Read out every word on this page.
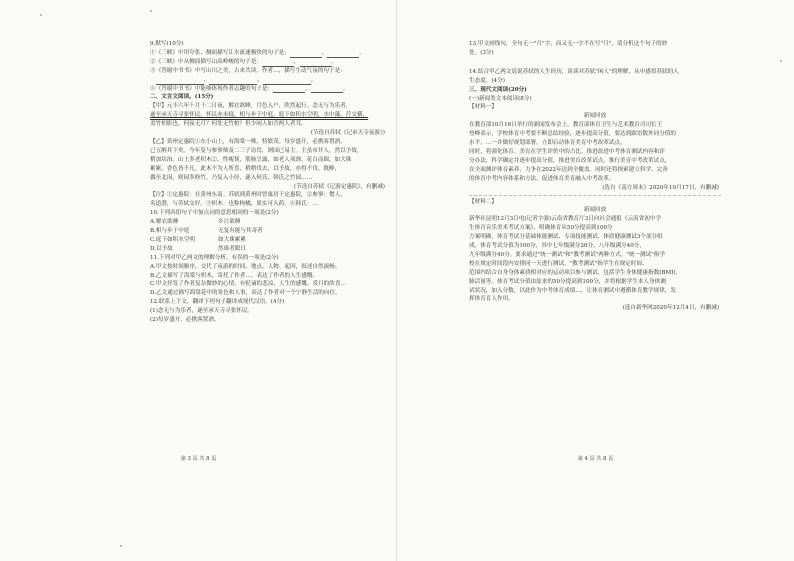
9.默写(10分)
①《三峡》中用夸张、侧面描写江水流速极快的句子是：	，	。
②《三峡》中从侧面描写山高岭峻的句子是：	，	。
③《答谢中书书》中写山川之美，古来共谈，作者…，描写生动气氛的句子是：
　，	，	。
④《答谢中书书》中能够体现作者志趣的句子是：	，	。
二、文言文阅读。(15分)
【甲】元丰六年十月十二日夜，解衣欲睡，月色入户，欣然起行。念无与为乐者，
遂至承天寺寻张怀民。怀民亦未寝，相与步于中庭。庭下如积水空明，水中藻、荇交横，
盖竹柏影也。何夜无月？何处无竹柏？但少闲人如吾两人者耳。
(节选自苏轼《记承天寺夜游》)
【乙】黄州定惠院①东小山上，有海棠一株，特繁茂。每岁盛开，必携客置酒，
已五醉其下矣。今年复与参寥师及二三子访焉，则园已易主。主虽市井人，然以予故，
稍加培治。山上多老枳木②，性瘦韧，筋脉呈露，如老人项颈。花白而圆，如大珠
累累，香色皆不凡。此木不为人所喜，稍稍伐去，以予故，亦得不伐。既醉，
偶至北岗，则园多修竹，乃复入小径，遂入何氏、韩氏之竹园……
(节选自苏轼《记游定惠院》，有删减)
【注】①定惠院：在黄州东南。苏轼到黄州时曾寓居于定惠院。②参寥：僧人，
名道潜，与苏轼交好。③枳木：也称枸橘，果实可入药。④韩氏：…
10.下列各组句子中加点词的意思相同的一项是(2分)
A.解衣欲睡	乡日欲睡
B.相与步于中庭	无复有能与其奇者
C.庭下如积水空明	如大珠累累
D.以予故	然谁者眼日
11.下列对甲乙两文的理解分析，有误的一项是(2分)
A.甲文按时间顺序，交代了夜游的时间、地点、人物、起因，叙述自然流畅。
B.乙文描写了海棠与枳木，寄托了作者…，表达了作者的人生感慨。
C.甲文抒发了作者复杂微妙的心情，有贬谪的悲凉、人生的感慨、赏月的欣喜…
D.乙文通过描写海棠花中的景色和人事，表达了作者对一个宁静生活的向往。
12.联系上下文，翻译下列句子翻译成现代汉语。(4分)
(1)念无与为乐者，遂至承天寺寻张怀民。
(2)每岁盛开，必携客置酒。
第 3 页 共 8 页
13.甲文画线句，全句无一"月"字，而又无一字不在写"月"，请分析这个句子的妙
处。(3分)
14.结合甲乙两文说说苏轼的人生经历，谈谈对苏轼"闲人"的理解，从中感悟苏轼的人
生态度。(4分)
三、现代文阅读(20分)
(一)新闻类文本阅读(8分)
【材料一】
新闻回放
在教育部10月16日举行的新闻发布会上，教育部体育卫生与艺术教育司司长王
登峰表示，学校体育中考要不断总结经验，逐步提高分值，要达到跟语数外同分值的
水平。…一并做好规划部署，立即启动体育美育中考改革试点。
同时，将强化体育、美育在学生评价中的占比。推进改进中考体育测试内容和评
分办法，科学确定并逐步提高分值，推进美育改革试点，推行美育中考改革试点，
在全面测评体育素养，力争在2022年达到全覆盖。同时还将探索建立科学、完善
的体育中考内容体系和方法，促进体育美育融入中考改革。
(选自《南方周末》2020年10月17日，有删减)
【材料二】
新闻回放
新华社昆明12月3日电(记者字强)云南省教育厅3日向社会通报《云南省初中学
生体育音乐美术考试方案》，明确体育从50分提高到100分
方案明确，体育考试分基础体能测试、专项技能测试、体质健康测试3个部分组
成，体育考试分值为100分，其中七年级满分20分，八年级满分40分，
九年级满分40分。要求通过"统一测试"和"教考测试"两种方式。"统一测试"指学
校在规定时间段内安排同一天进行测试，"教考测试"指学生在规定时间、
范围内结合自身身体素质相对应的运动项目参与测试，包括学生身体健康指数(BMI)、
肺活量等。体育考试分值由原来的50分提高到100分，并将根据学生本人身体测
试状况，加入分数，以此作为中考体育成绩…，让体育测试中遵循体育教学规律，发
挥体育育人作用。
(选自新华网2020年12月4日，有删减)
第 4 页 共 8 页
